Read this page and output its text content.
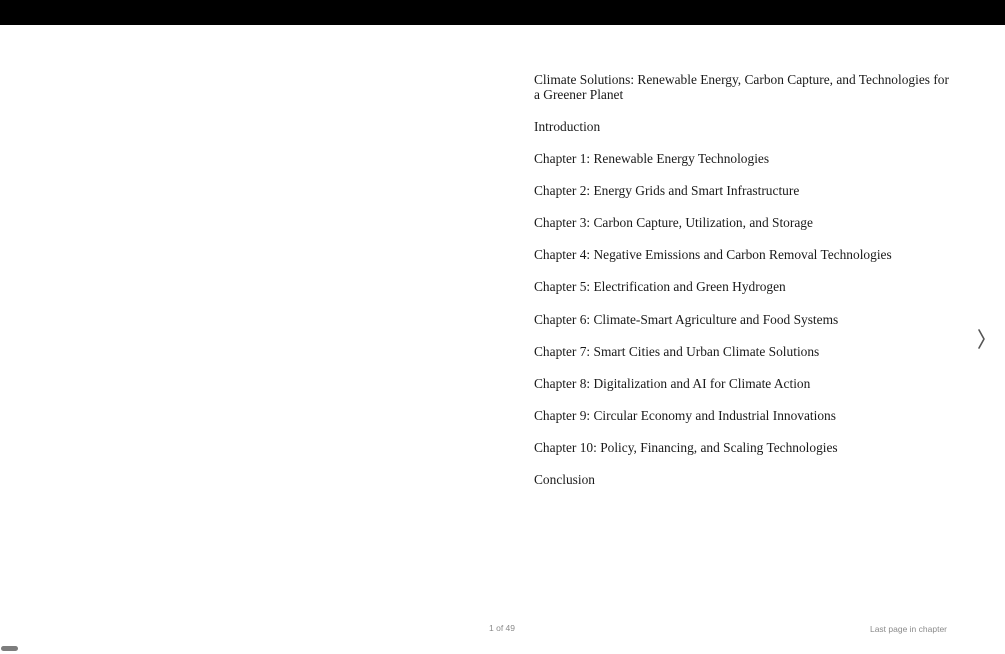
Climate Solutions: Renewable Energy, Carbon Capture, and Technologies for a Greener Planet
Introduction
Chapter 1: Renewable Energy Technologies
Chapter 2: Energy Grids and Smart Infrastructure
Chapter 3: Carbon Capture, Utilization, and Storage
Chapter 4: Negative Emissions and Carbon Removal Technologies
Chapter 5: Electrification and Green Hydrogen
Chapter 6: Climate-Smart Agriculture and Food Systems
Chapter 7: Smart Cities and Urban Climate Solutions
Chapter 8: Digitalization and AI for Climate Action
Chapter 9: Circular Economy and Industrial Innovations
Chapter 10: Policy, Financing, and Scaling Technologies
Conclusion
1 of 49	Last page in chapter
